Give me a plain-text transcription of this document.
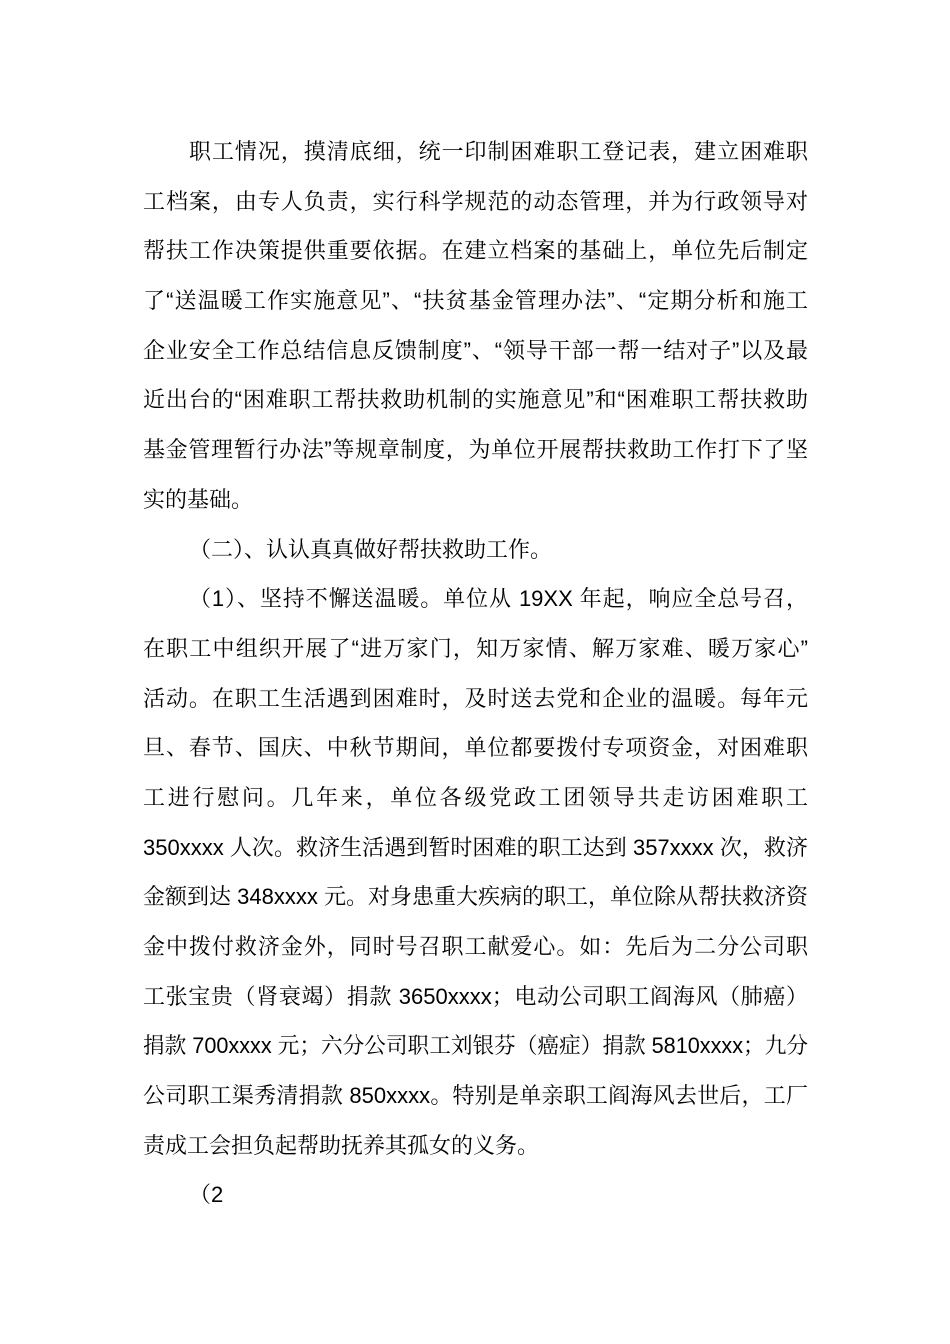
职工情况，摸清底细，统一印制困难职工登记表，建立困难职
工档案，由专人负责，实行科学规范的动态管理，并为行政领导对
帮扶工作决策提供重要依据。在建立档案的基础上，单位先后制定
了“送温暖工作实施意见”、“扶贫基金管理办法”、“定期分析和施工
企业安全工作总结信息反馈制度”、“领导干部一帮一结对子”以及最
近出台的“困难职工帮扶救助机制的实施意见”和“困难职工帮扶救助
基金管理暂行办法”等规章制度，为单位开展帮扶救助工作打下了坚
实的基础。
（二）、认认真真做好帮扶救助工作。
（1）、坚持不懈送温暖。单位从 19XX 年起，响应全总号召，
在职工中组织开展了“进万家门，知万家情、解万家难、暖万家心”
活动。在职工生活遇到困难时，及时送去党和企业的温暖。每年元
旦、春节、国庆、中秋节期间，单位都要拨付专项资金，对困难职
工进行慰问。几年来，单位各级党政工团领导共走访困难职工
350xxxx 人次。救济生活遇到暂时困难的职工达到 357xxxx 次，救济
金额到达 348xxxx 元。对身患重大疾病的职工，单位除从帮扶救济资
金中拨付救济金外，同时号召职工献爱心。如：先后为二分公司职
工张宝贵（肾衰竭）捐款 3650xxxx；电动公司职工阎海风（肺癌）
捐款 700xxxx 元；六分公司职工刘银芬（癌症）捐款 5810xxxx；九分
公司职工渠秀清捐款 850xxxx。特别是单亲职工阎海风去世后，工厂
责成工会担负起帮助抚养其孤女的义务。
（2
